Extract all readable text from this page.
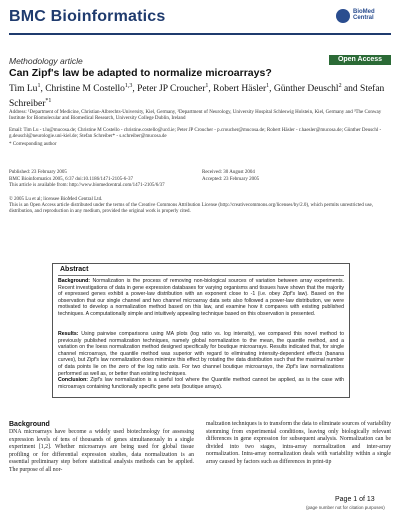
BMC Bioinformatics	BioMed Central
Methodology article	Open Access
Can Zipf's law be adapted to normalize microarrays?
Tim Lu$^1$, Christine M Costello$^{1,3}$, Peter JP Croucher$^1$, Robert Häsler$^1$, Günther Deuschl$^2$ and Stefan Schreiber$^{*1}$
Address: ¹Department of Medicine, Christian-Albrechts-University, Kiel, Germany, ²Department of Neurology, University Hospital Schleswig Holstein, Kiel, Germany and ³The Conway Institute for Biomolecular and Biomedical Research, University College Dublin, Ireland
Email: Tim Lu - t.lu@mucosa.de; Christine M Costello - christine.costello@ucd.ie; Peter JP Croucher - p.croucher@mucosa.de; Robert Häsler - r.haesler@mucosa.de; Günther Deuschl - g.deuschl@neurologie.uni-kiel.de; Stefan Schreiber* - s.schreiber@mucosa.de
* Corresponding author
Published: 23 February 2005
BMC Bioinformatics 2005, 6:37 doi:10.1186/1471-2105-6-37
This article is available from: http://www.biomedcentral.com/1471-2105/6/37
Received: 30 August 2004
Accepted: 23 February 2005
© 2005 Lu et al; licensee BioMed Central Ltd.
This is an Open Access article distributed under the terms of the Creative Commons Attribution License (http://creativecommons.org/licenses/by/2.0), which permits unrestricted use, distribution, and reproduction in any medium, provided the original work is properly cited.
Abstract
Background: Normalization is the process of removing non-biological sources of variation between array experiments. Recent investigations of data in gene expression databases for varying organisms and tissues have shown that the majority of expressed genes exhibit a power-law distribution with an exponent close to -1 (i.e. obey Zipf's law). Based on the observation that our single channel and two channel microarray data sets also followed a power-law distribution, we were motivated to develop a normalization method based on this law, and examine how it compares with existing published techniques. A computationally simple and intuitively appealing technique based on this observation is presented.
Results: Using pairwise comparisons using MA plots (log ratio vs. log intensity), we compared this novel method to previously published normalization techniques, namely global normalization to the mean, the quantile method, and a variation on the loess normalization method designed specifically for boutique microarrays. Results indicated that, for single channel microarrays, the quantile method was superior with regard to eliminating intensity-dependent effects (banana curves), but Zipf's law normalization does minimize this effect by rotating the data distribution such that the maximal number of data points lie on the zero of the log ratio axis. For two channel boutique microarrays, the Zipf's law normalizations performed as well as, or better than existing techniques.
Conclusion: Zipf's law normalization is a useful tool where the Quantile method cannot be applied, as is the case with microarrays containing functionally specific gene sets (boutique arrays).
Background
DNA microarrays have become a widely used biotechnology for assessing expression levels of tens of thousands of genes simultaneously in a single experiment [1,2]. Whether microarrays are being used for global tissue profiling or for differential expression studies, data normalization is an essential preliminary step before statistical analysis methods can be applied. The purpose of all nor-
malization techniques is to transform the data to eliminate sources of variability stemming from experimental conditions, leaving only biologically relevant differences in gene expression for subsequent analysis. Normalization can be divided into two stages, intra-array normalization and inter-array normalization. Intra-array normalization deals with variability within a single array caused by factors such as differences in print-tip
Page 1 of 13
(page number not for citation purposes)
